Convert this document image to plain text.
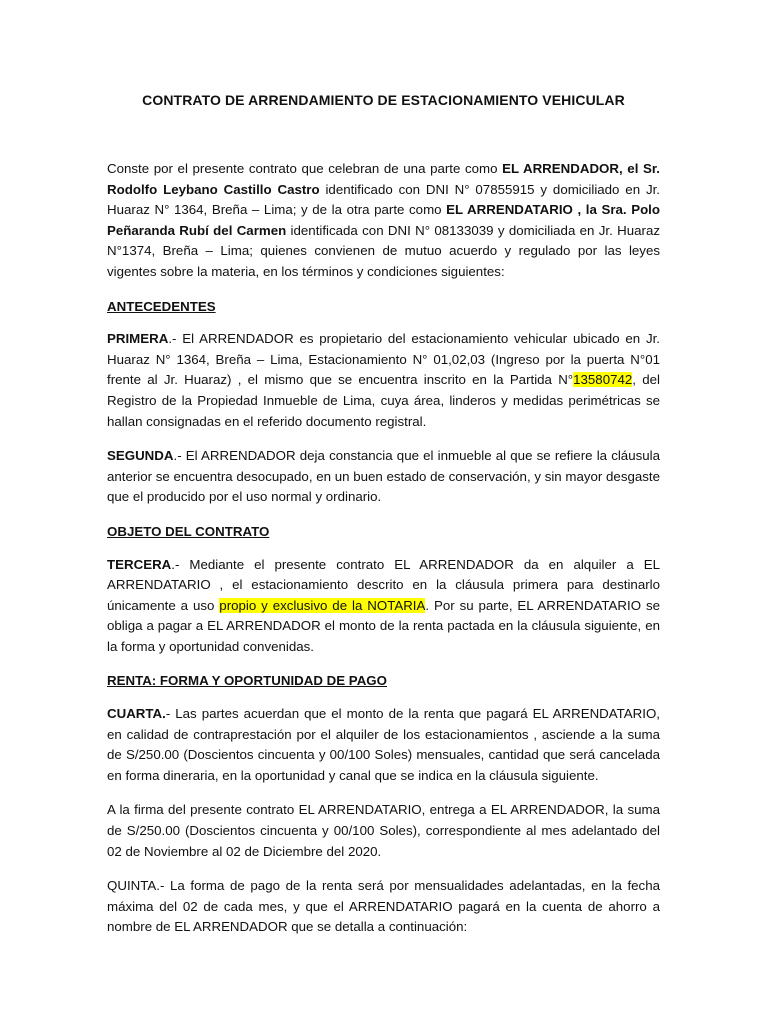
CONTRATO DE ARRENDAMIENTO DE ESTACIONAMIENTO VEHICULAR

Conste por el presente contrato que celebran de una parte como EL ARRENDADOR, el Sr. Rodolfo Leybano Castillo Castro identificado con DNI N° 07855915 y domiciliado en Jr. Huaraz N° 1364, Breña – Lima; y de la otra parte como EL ARRENDATARIO , la Sra. Polo Peñaranda Rubí del Carmen identificada con DNI N° 08133039 y domiciliada en Jr. Huaraz N°1374, Breña – Lima; quienes convienen de mutuo acuerdo y regulado por las leyes vigentes sobre la materia, en los términos y condiciones siguientes:

ANTECEDENTES

PRIMERA.- El ARRENDADOR es propietario del estacionamiento vehicular ubicado en Jr. Huaraz N° 1364, Breña – Lima, Estacionamiento N° 01,02,03 (Ingreso por la puerta N°01 frente al Jr. Huaraz) , el mismo que se encuentra inscrito en la Partida N°13580742, del Registro de la Propiedad Inmueble de Lima, cuya área, linderos y medidas perimétricas se hallan consignadas en el referido documento registral.

SEGUNDA.- El ARRENDADOR deja constancia que el inmueble al que se refiere la cláusula anterior se encuentra desocupado, en un buen estado de conservación, y sin mayor desgaste que el producido por el uso normal y ordinario.

OBJETO DEL CONTRATO

TERCERA.- Mediante el presente contrato EL ARRENDADOR da en alquiler a EL ARRENDATARIO , el estacionamiento descrito en la cláusula primera para destinarlo únicamente a uso propio y exclusivo de la NOTARIA. Por su parte, EL ARRENDATARIO se obliga a pagar a EL ARRENDADOR el monto de la renta pactada en la cláusula siguiente, en la forma y oportunidad convenidas.

RENTA: FORMA Y OPORTUNIDAD DE PAGO

CUARTA.- Las partes acuerdan que el monto de la renta que pagará EL ARRENDATARIO, en calidad de contraprestación por el alquiler de los estacionamientos , asciende a la suma de S/250.00 (Doscientos cincuenta y 00/100 Soles) mensuales, cantidad que será cancelada en forma dineraria, en la oportunidad y canal que se indica en la cláusula siguiente.

A la firma del presente contrato EL ARRENDATARIO, entrega a EL ARRENDADOR, la suma de S/250.00 (Doscientos cincuenta y 00/100 Soles), correspondiente al mes adelantado del 02 de Noviembre al 02 de Diciembre del 2020.

QUINTA.- La forma de pago de la renta será por mensualidades adelantadas, en la fecha máxima del 02 de cada mes, y que el ARRENDATARIO pagará en la cuenta de ahorro a nombre de EL ARRENDADOR que se detalla a continuación:
